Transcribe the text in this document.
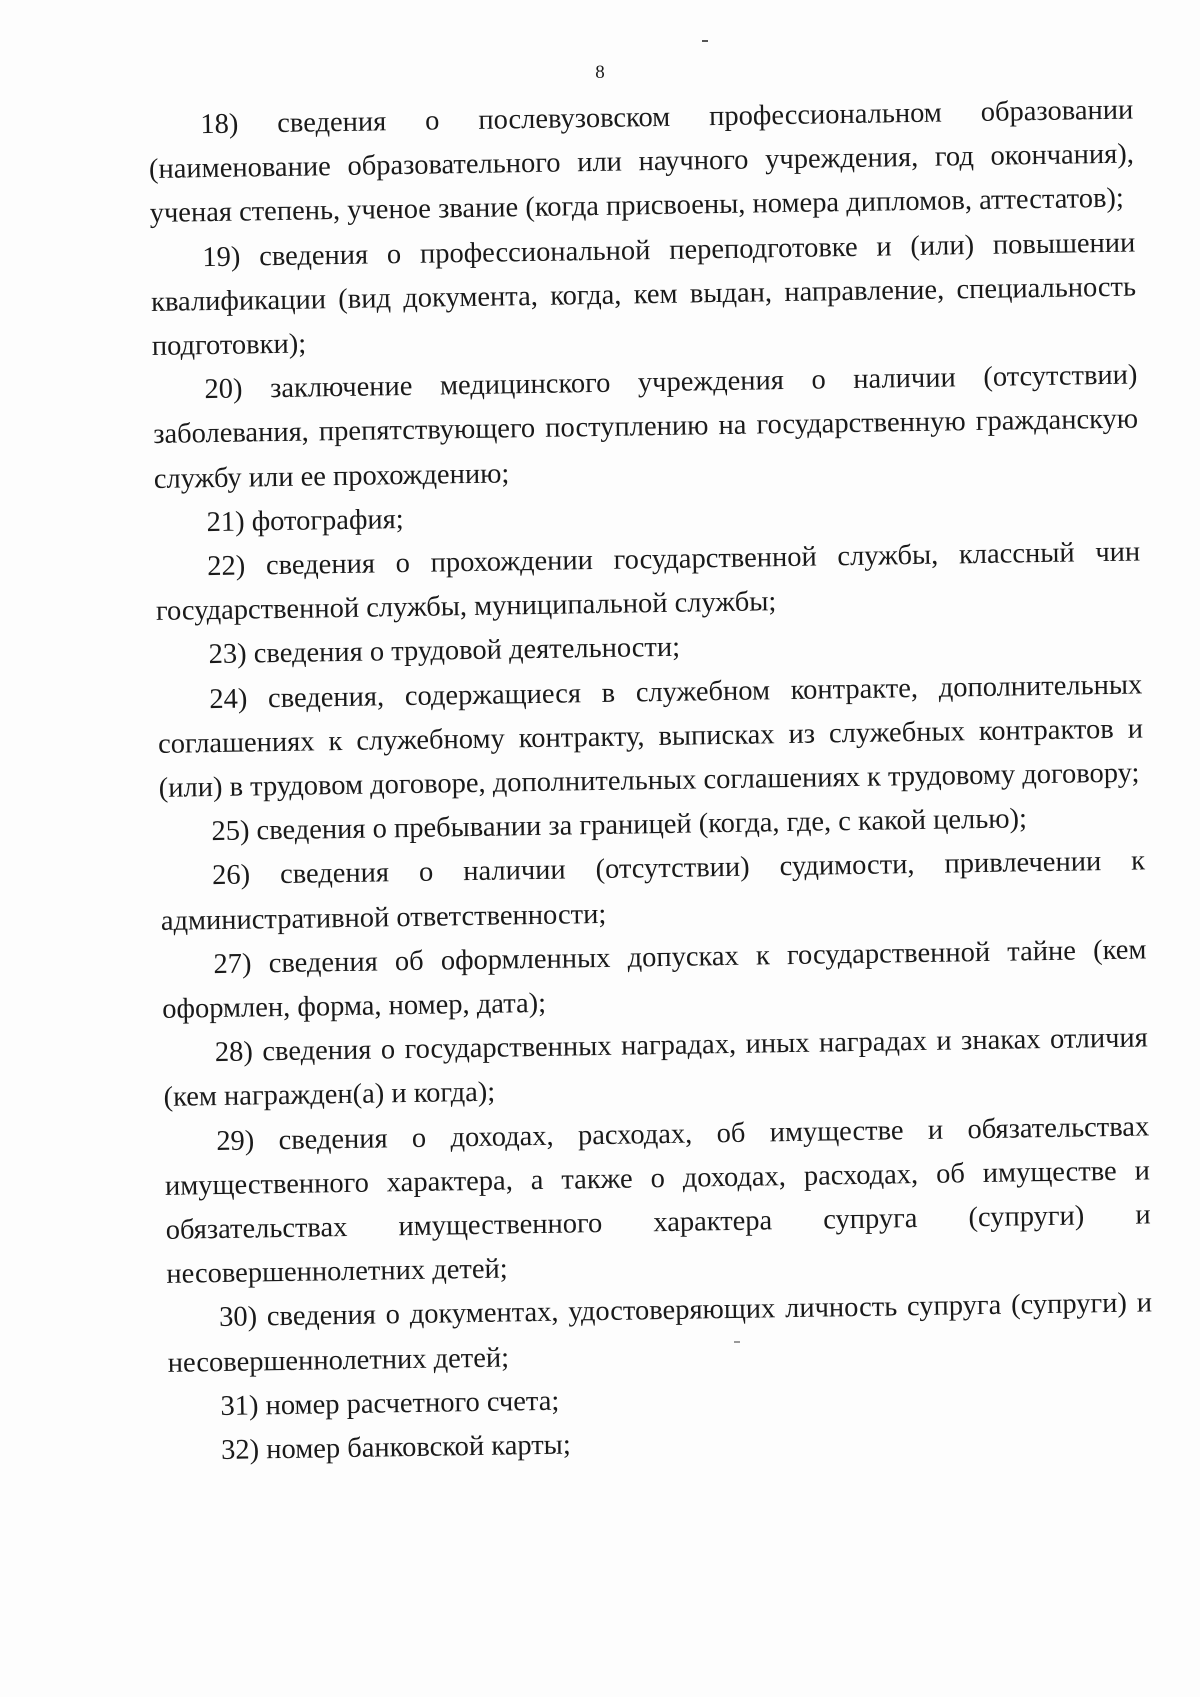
8

18) сведения о послевузовском профессиональном образовании (наименование образовательного или научного учреждения, год окончания), ученая степень, ученое звание (когда присвоены, номера дипломов, аттестатов);

19) сведения о профессиональной переподготовке и (или) повышении квалификации (вид документа, когда, кем выдан, направление, специальность подготовки);

20) заключение медицинского учреждения о наличии (отсутствии) заболевания, препятствующего поступлению на государственную гражданскую службу или ее прохождению;

21) фотография;

22) сведения о прохождении государственной службы, классный чин государственной службы, муниципальной службы;

23) сведения о трудовой деятельности;

24) сведения, содержащиеся в служебном контракте, дополнительных соглашениях к служебному контракту, выписках из служебных контрактов и (или) в трудовом договоре, дополнительных соглашениях к трудовому договору;

25) сведения о пребывании за границей (когда, где, с какой целью);

26) сведения о наличии (отсутствии) судимости, привлечении к административной ответственности;

27) сведения об оформленных допусках к государственной тайне (кем оформлен, форма, номер, дата);

28) сведения о государственных наградах, иных наградах и знаках отличия (кем награжден(а) и когда);

29) сведения о доходах, расходах, об имуществе и обязательствах имущественного характера, а также о доходах, расходах, об имуществе и обязательствах имущественного характера супруга (супруги) и несовершеннолетних детей;

30) сведения о документах, удостоверяющих личность супруга (супруги) и несовершеннолетних детей;

31) номер расчетного счета;

32) номер банковской карты;
